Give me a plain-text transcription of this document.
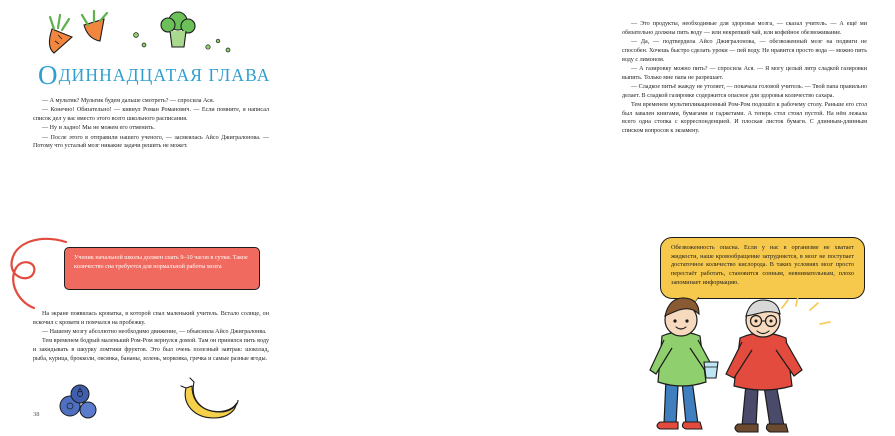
ОДИННАДЦАТАЯ ГЛАВА

— А мультик? Мультик будем дальше смотреть? — спросила Ася.

— Конечно! Обязательно! — кивнул Роман Романович. — Если помните, я написал список дел у вас вместо этого всего школьного расписания.

— Ну и ладно! Мы не можем его отменить.

— После этого в отправили нашего ученого, — засмеялась Айсо Джигралонова. — Потому что усталый мозг никакие задачи решить не может.

Ученик начальной школы должен спать 9–10 часов в сутки. Такое количество сна требуется для нормальной работы мозга

На экране появилась кроватка, в которой спал маленький учитель. Встало солнце, он вскочил с кровати и помчался на пробежку.

— Нашему мозгу абсолютно необходимо движение, — объяснила Айсо Джигралонва.

Тем временем бодрый маленький Ром-Ром вернулся домой. Там он принялся пить воду и закидывать в шкурку ломтики фруктов. Это был очень полезный завтрак: шоколад, рыба, курица, брокколи, овсянка, бананы, зелень, морковка, гречка и самые разные ягоды.

38

— Это продукты, необходимые для здоровья мозга, — сказал учитель. — А ещё ми обязательно должны пить воду — или некрепкий чай, или кофейное обезвоживание.

— Да, — подтвердила Айсо Джигралонова, — обезвоженный мозг на подвиги не способен. Хочешь быстро сделать уроки — пей воду. Не нравится просто вода — можно пить воду с лимоном.

— А газировку можно пить? — спросила Ася. — Я могу целый литр сладкой газировки выпить. Только мне папа не разрешает.

— Сладкое питьё жажду не утоляет, — покачала головой учитель. — Твой папа правильно делает. В сладкой газировке содержится опасное для здоровья количество сахара.

Тем временем мультипликационный Ром-Ром подошёл к рабочему столу. Раньше его стол был завален книгами, бумагами и гаджетами. А теперь стол стоял пустой. На нём лежала всего одна стопка с корреспонденцией. И плоская листок бумаги. С длинным-длинным списком вопросов к экзамену.

Обезвоженность опасна. Если у нас в организме не хватает жидкости, наше кровообращение затрудняется, в мозг не поступает достаточное количество кислорода. В таких условиях мозг просто перестаёт работать, становится сонным, невнимательным, плохо запоминает информацию.
